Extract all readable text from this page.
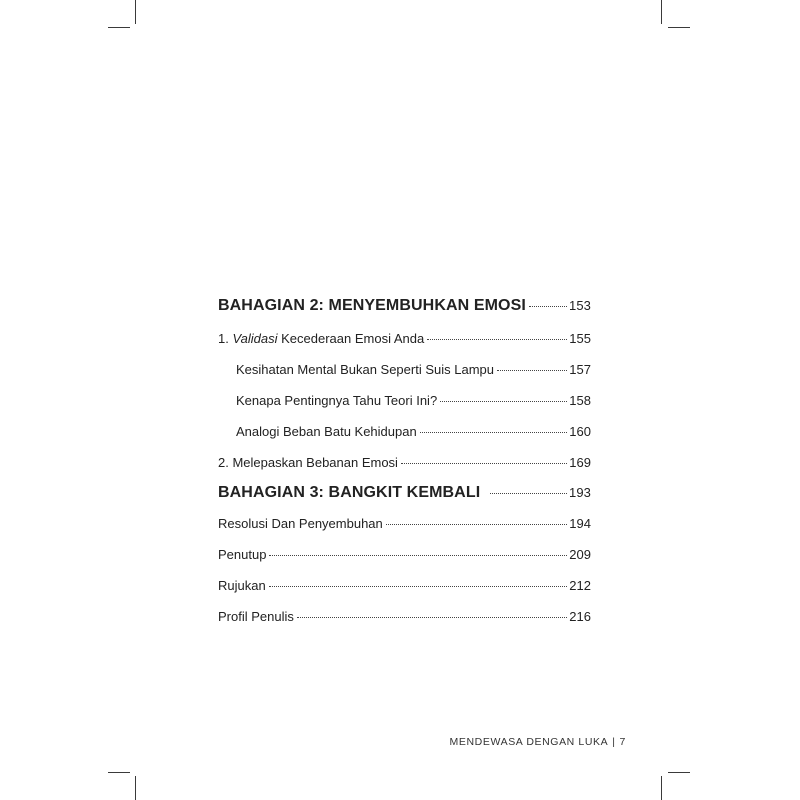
BAHAGIAN 2: MENYEMBUHKAN EMOSI	153
1. Validasi Kecederaan Emosi Anda	155
Kesihatan Mental Bukan Seperti Suis Lampu	157
Kenapa Pentingnya Tahu Teori Ini?	158
Analogi Beban Batu Kehidupan	160
2. Melepaskan Bebanan Emosi	169
BAHAGIAN 3: BANGKIT KEMBALI	193
Resolusi Dan Penyembuhan	194
Penutup	209
Rujukan	212
Profil Penulis	216
MENDEWASA DENGAN LUKA | 7
